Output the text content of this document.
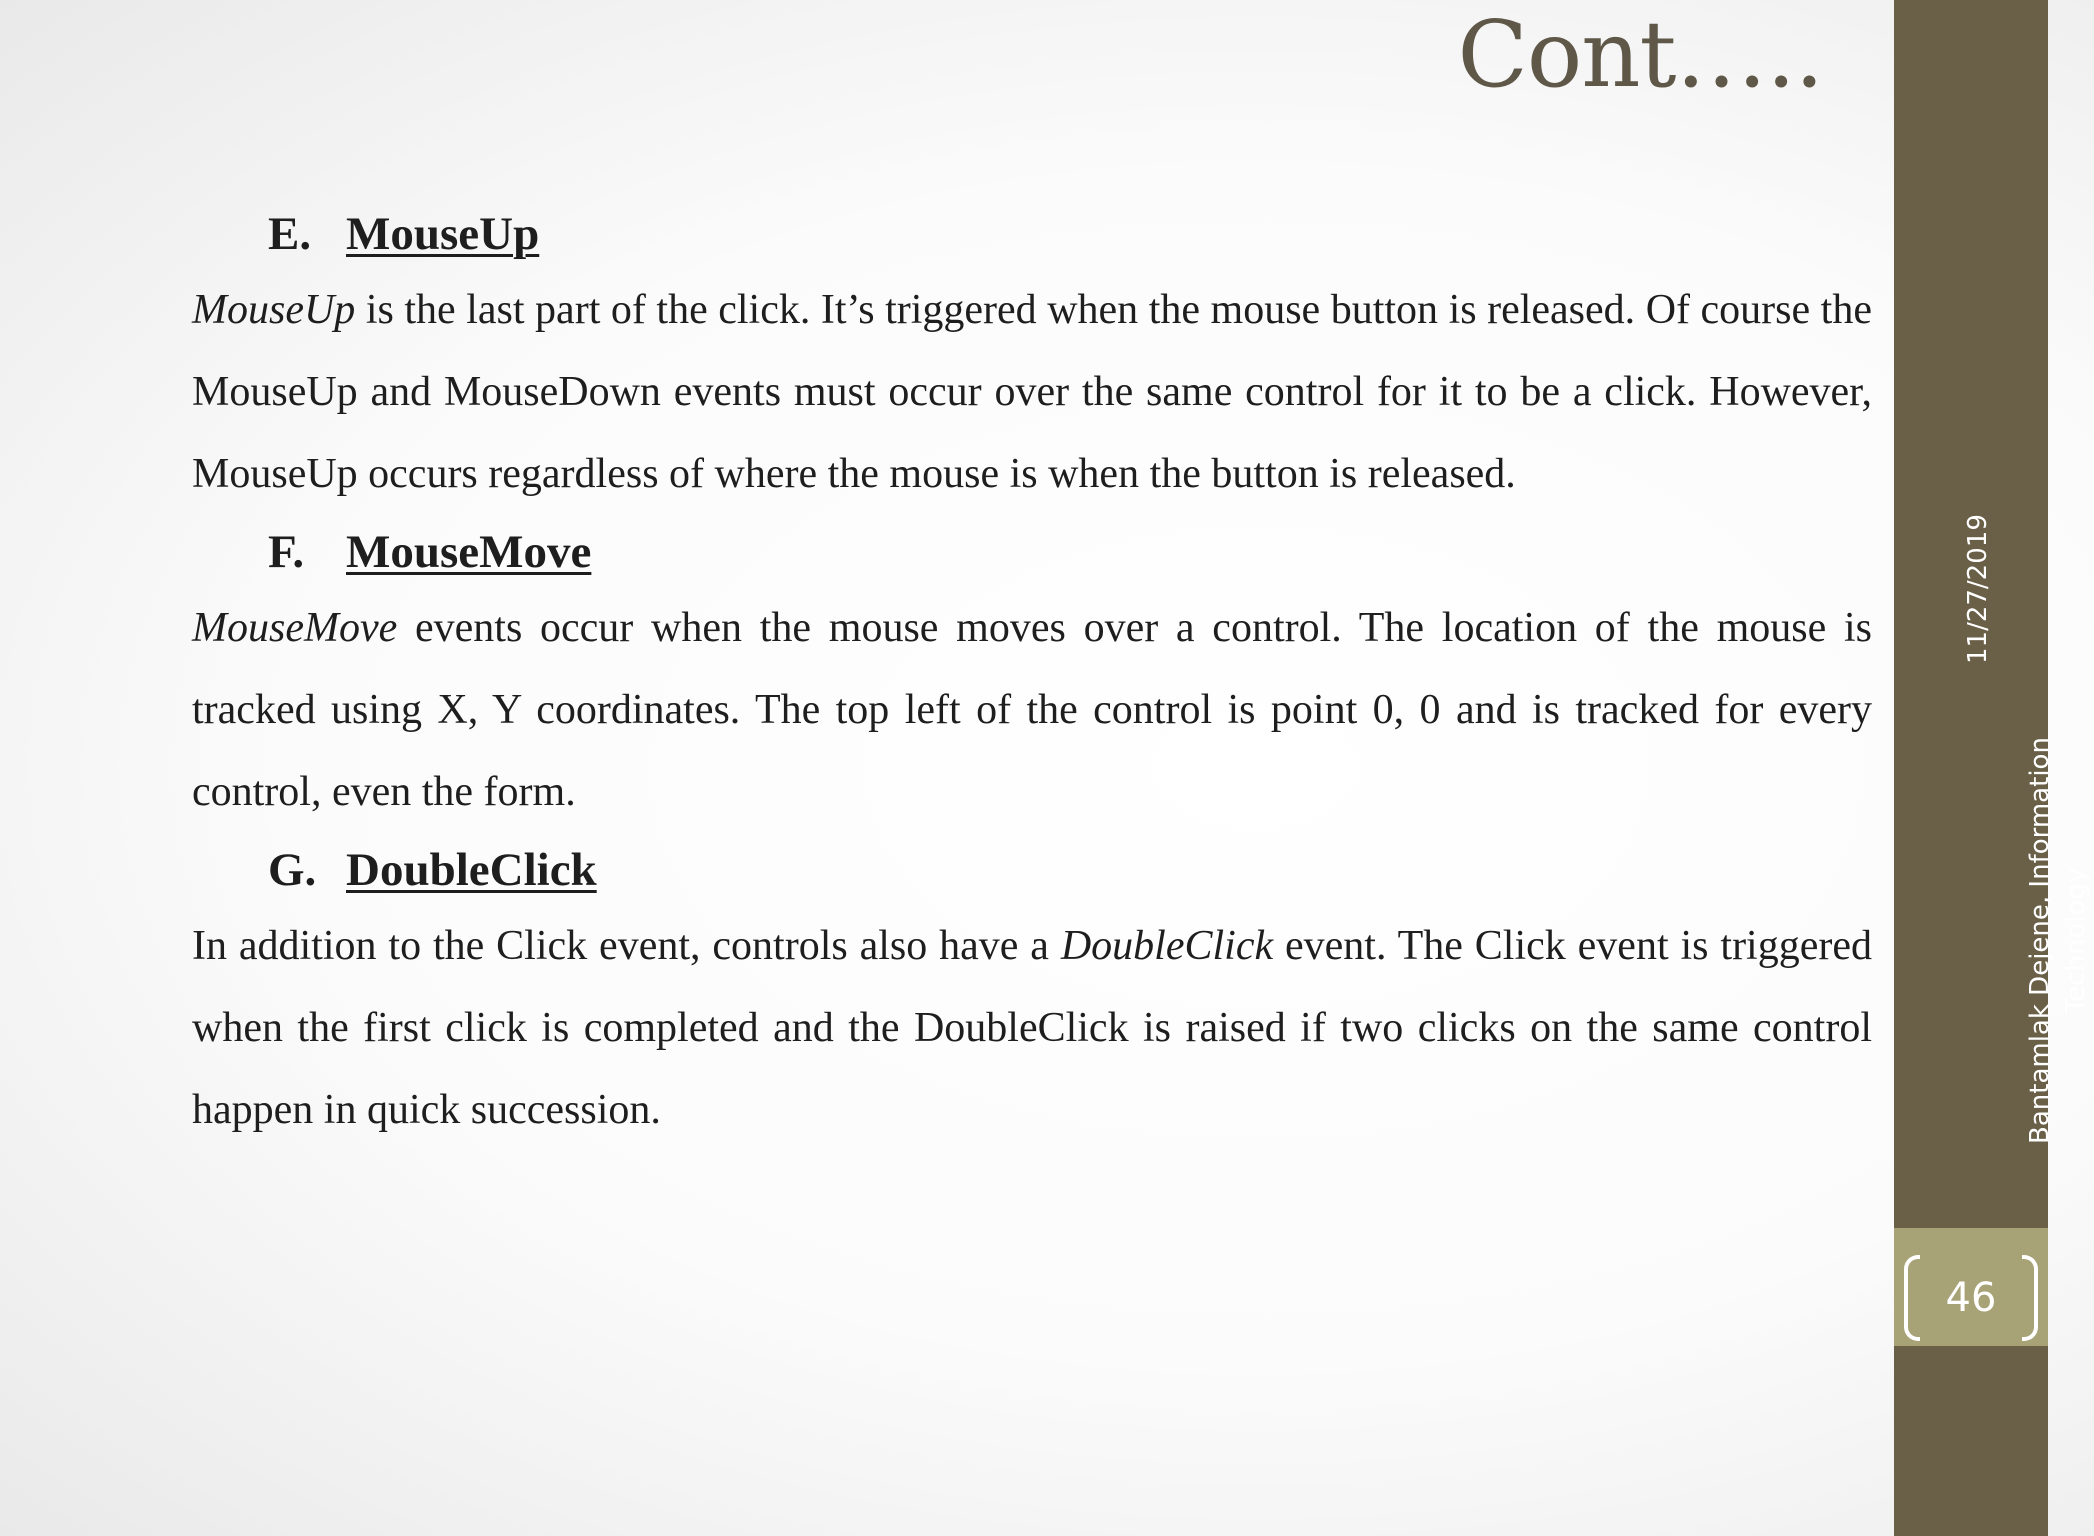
Cont…..
E. MouseUp

MouseUp is the last part of the click. It’s triggered when the mouse button is released. Of course the MouseUp and MouseDown events must occur over the same control for it to be a click. However, MouseUp occurs regardless of where the mouse is when the button is released.

F. MouseMove

MouseMove events occur when the mouse moves over a control. The location of the mouse is tracked using X, Y coordinates. The top left of the control is point 0, 0 and is tracked for every control, even the form.

G. DoubleClick

In addition to the Click event, controls also have a DoubleClick event. The Click event is triggered when the first click is completed and the DoubleClick is raised if two clicks on the same control happen in quick succession.

46
11/27/2019
Bantamlak Dejene, Information Technology
